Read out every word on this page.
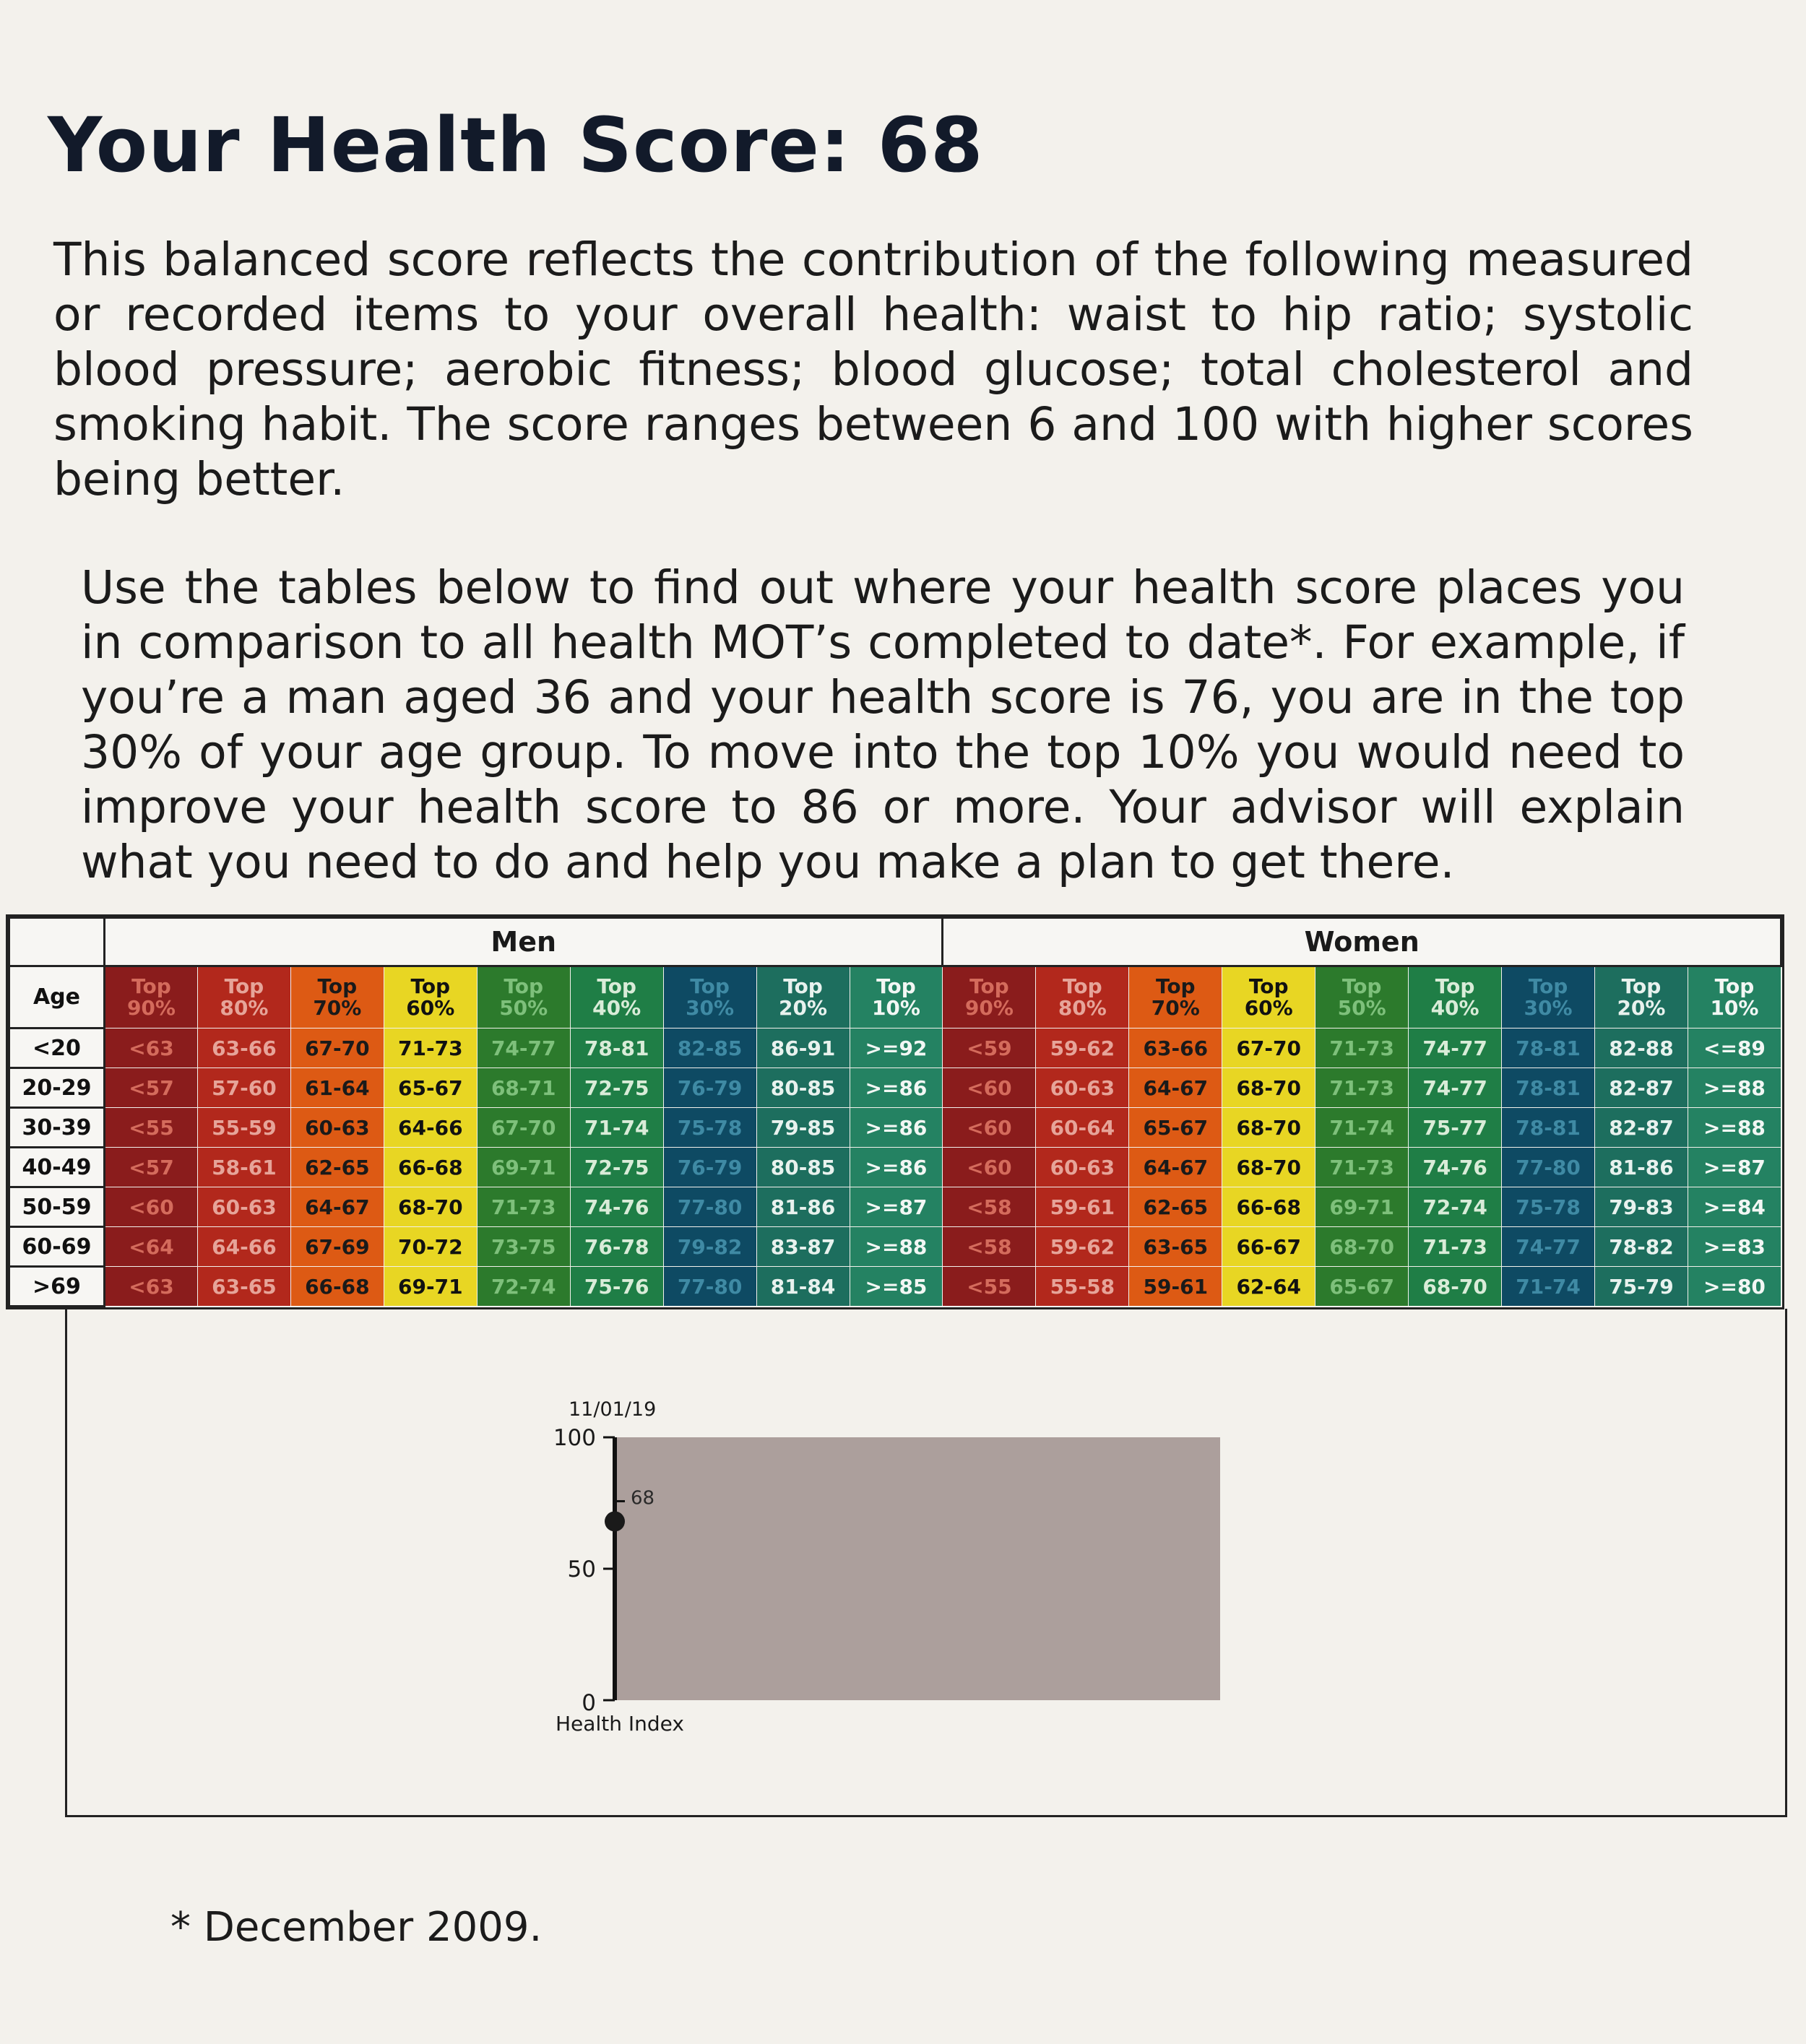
Your Health Score: 68

This balanced score reflects the contribution of the following measured or recorded items to your overall health: waist to hip ratio; systolic blood pressure; aerobic fitness; blood glucose; total cholesterol and smoking habit. The score ranges between 6 and 100 with higher scores being better.

Use the tables below to find out where your health score places you in comparison to all health MOT’s completed to date*. For example, if you’re a man aged 36 and your health score is 76, you are in the top 30% of your age group. To move into the top 10% you would need to improve your health score to 86 or more. Your advisor will explain what you need to do and help you make a plan to get there.

	Men									Women								
Age	Top 90%	Top 80%	Top 70%	Top 60%	Top 50%	Top 40%	Top 30%	Top 20%	Top 10%	Top 90%	Top 80%	Top 70%	Top 60%	Top 50%	Top 40%	Top 30%	Top 20%	Top 10%
<20	<63	63-66	67-70	71-73	74-77	78-81	82-85	86-91	>=92	<59	59-62	63-66	67-70	71-73	74-77	78-81	82-88	<=89
20-29	<57	57-60	61-64	65-67	68-71	72-75	76-79	80-85	>=86	<60	60-63	64-67	68-70	71-73	74-77	78-81	82-87	>=88
30-39	<55	55-59	60-63	64-66	67-70	71-74	75-78	79-85	>=86	<60	60-64	65-67	68-70	71-74	75-77	78-81	82-87	>=88
40-49	<57	58-61	62-65	66-68	69-71	72-75	76-79	80-85	>=86	<60	60-63	64-67	68-70	71-73	74-76	77-80	81-86	>=87
50-59	<60	60-63	64-67	68-70	71-73	74-76	77-80	81-86	>=87	<58	59-61	62-65	66-68	69-71	72-74	75-78	79-83	>=84
60-69	<64	64-66	67-69	70-72	73-75	76-78	79-82	83-87	>=88	<58	59-62	63-65	66-67	68-70	71-73	74-77	78-82	>=83
>69	<63	63-65	66-68	69-71	72-74	75-76	77-80	81-84	>=85	<55	55-58	59-61	62-64	65-67	68-70	71-74	75-79	>=80
11/01/19
0
50
100
68
Health Index

* December 2009.
